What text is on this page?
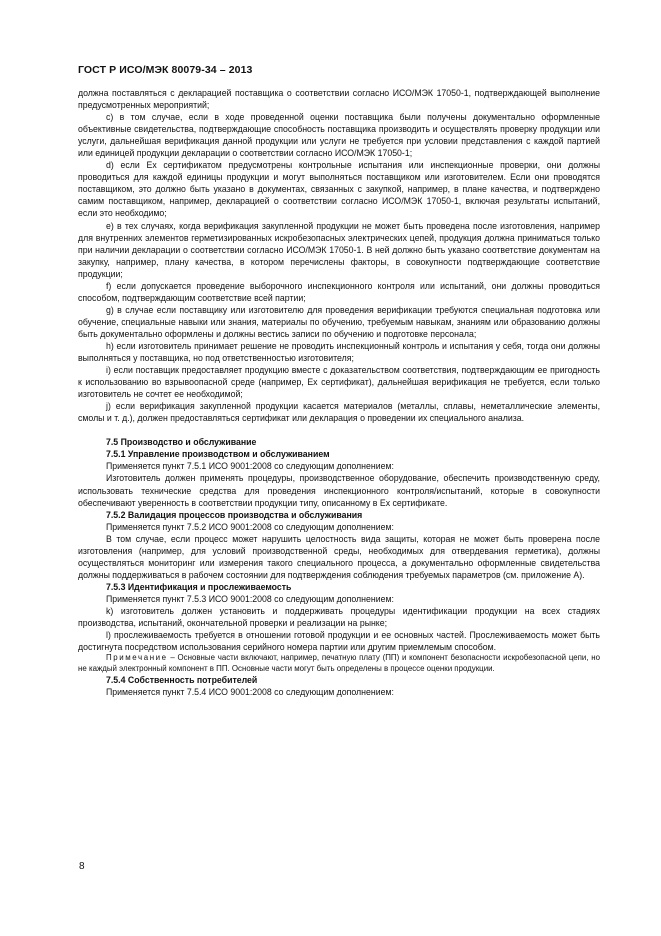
ГОСТ Р ИСО/МЭК 80079-34 – 2013

должна поставляться с декларацией поставщика о соответствии согласно ИСО/МЭК 17050-1, подтверждающей выполнение предусмотренных мероприятий;

c) в том случае, если в ходе проведенной оценки поставщика были получены документально оформленные объективные свидетельства, подтверждающие способность поставщика производить и осуществлять проверку продукции или услуги, дальнейшая верификация данной продукции или услуги не требуется при условии представления с каждой партией или единицей продукции декларации о соответствии согласно ИСО/МЭК 17050-1;

d) если Ex сертификатом предусмотрены контрольные испытания или инспекционные проверки, они должны проводиться для каждой единицы продукции и могут выполняться поставщиком или изготовителем. Если они проводятся поставщиком, это должно быть указано в документах, связанных с закупкой, например, в плане качества, и подтверждено самим поставщиком, например, декларацией о соответствии согласно ИСО/МЭК 17050-1, включая результаты испытаний, если это необходимо;

e) в тех случаях, когда верификация закупленной продукции не может быть проведена после изготовления, например для внутренних элементов герметизированных искробезопасных электрических цепей, продукция должна приниматься только при наличии декларации о соответствии согласно ИСО/МЭК 17050-1. В ней должно быть указано соответствие документам на закупку, например, плану качества, в котором перечислены факторы, в совокупности подтверждающие соответствие продукции;

f) если допускается проведение выборочного инспекционного контроля или испытаний, они должны проводиться способом, подтверждающим соответствие всей партии;

g) в случае если поставщику или изготовителю для проведения верификации требуются специальная подготовка или обучение, специальные навыки или знания, материалы по обучению, требуемым навыкам, знаниям или образованию должны быть документально оформлены и должны вестись записи по обучению и подготовке персонала;

h) если изготовитель принимает решение не проводить инспекционный контроль и испытания у себя, тогда они должны выполняться у поставщика, но под ответственностью изготовителя;

i) если поставщик предоставляет продукцию вместе с доказательством соответствия, подтверждающим ее пригодность к использованию во взрывоопасной среде (например, Ex сертификат), дальнейшая верификация не требуется, если только изготовитель не сочтет ее необходимой;

j) если верификация закупленной продукции касается материалов (металлы, сплавы, неметаллические элементы, смолы и т. д.), должен предоставляться сертификат или декларация о проведении их специального анализа.

7.5 Производство и обслуживание

7.5.1 Управление производством и обслуживанием

Применяется пункт 7.5.1 ИСО 9001:2008 со следующим дополнением:

Изготовитель должен применять процедуры, производственное оборудование, обеспечить производственную среду, использовать технические средства для проведения инспекционного контроля/испытаний, которые в совокупности обеспечивают уверенность в соответствии продукции типу, описанному в Ex сертификате.

7.5.2 Валидация процессов производства и обслуживания

Применяется пункт 7.5.2 ИСО 9001:2008 со следующим дополнением:

В том случае, если процесс может нарушить целостность вида защиты, которая не может быть проверена после изготовления (например, для условий производственной среды, необходимых для отвердевания герметика), должны осуществляться мониторинг или измерения такого специального процесса, а документально оформленные свидетельства должны поддерживаться в рабочем состоянии для подтверждения соблюдения требуемых параметров (см. приложение А).

7.5.3 Идентификация и прослеживаемость

Применяется пункт 7.5.3 ИСО 9001:2008 со следующим дополнением:

k) изготовитель должен установить и поддерживать процедуры идентификации продукции на всех стадиях производства, испытаний, окончательной проверки и реализации на рынке;

l) прослеживаемость требуется в отношении готовой продукции и ее основных частей. Прослеживаемость может быть достигнута посредством использования серийного номера партии или другим приемлемым способом.

Примечание – Основные части включают, например, печатную плату (ПП) и компонент безопасности искробезопасной цепи, но не каждый электронный компонент в ПП. Основные части могут быть определены в процессе оценки продукции.

7.5.4 Собственность потребителей

Применяется пункт 7.5.4 ИСО 9001:2008 со следующим дополнением:

8
